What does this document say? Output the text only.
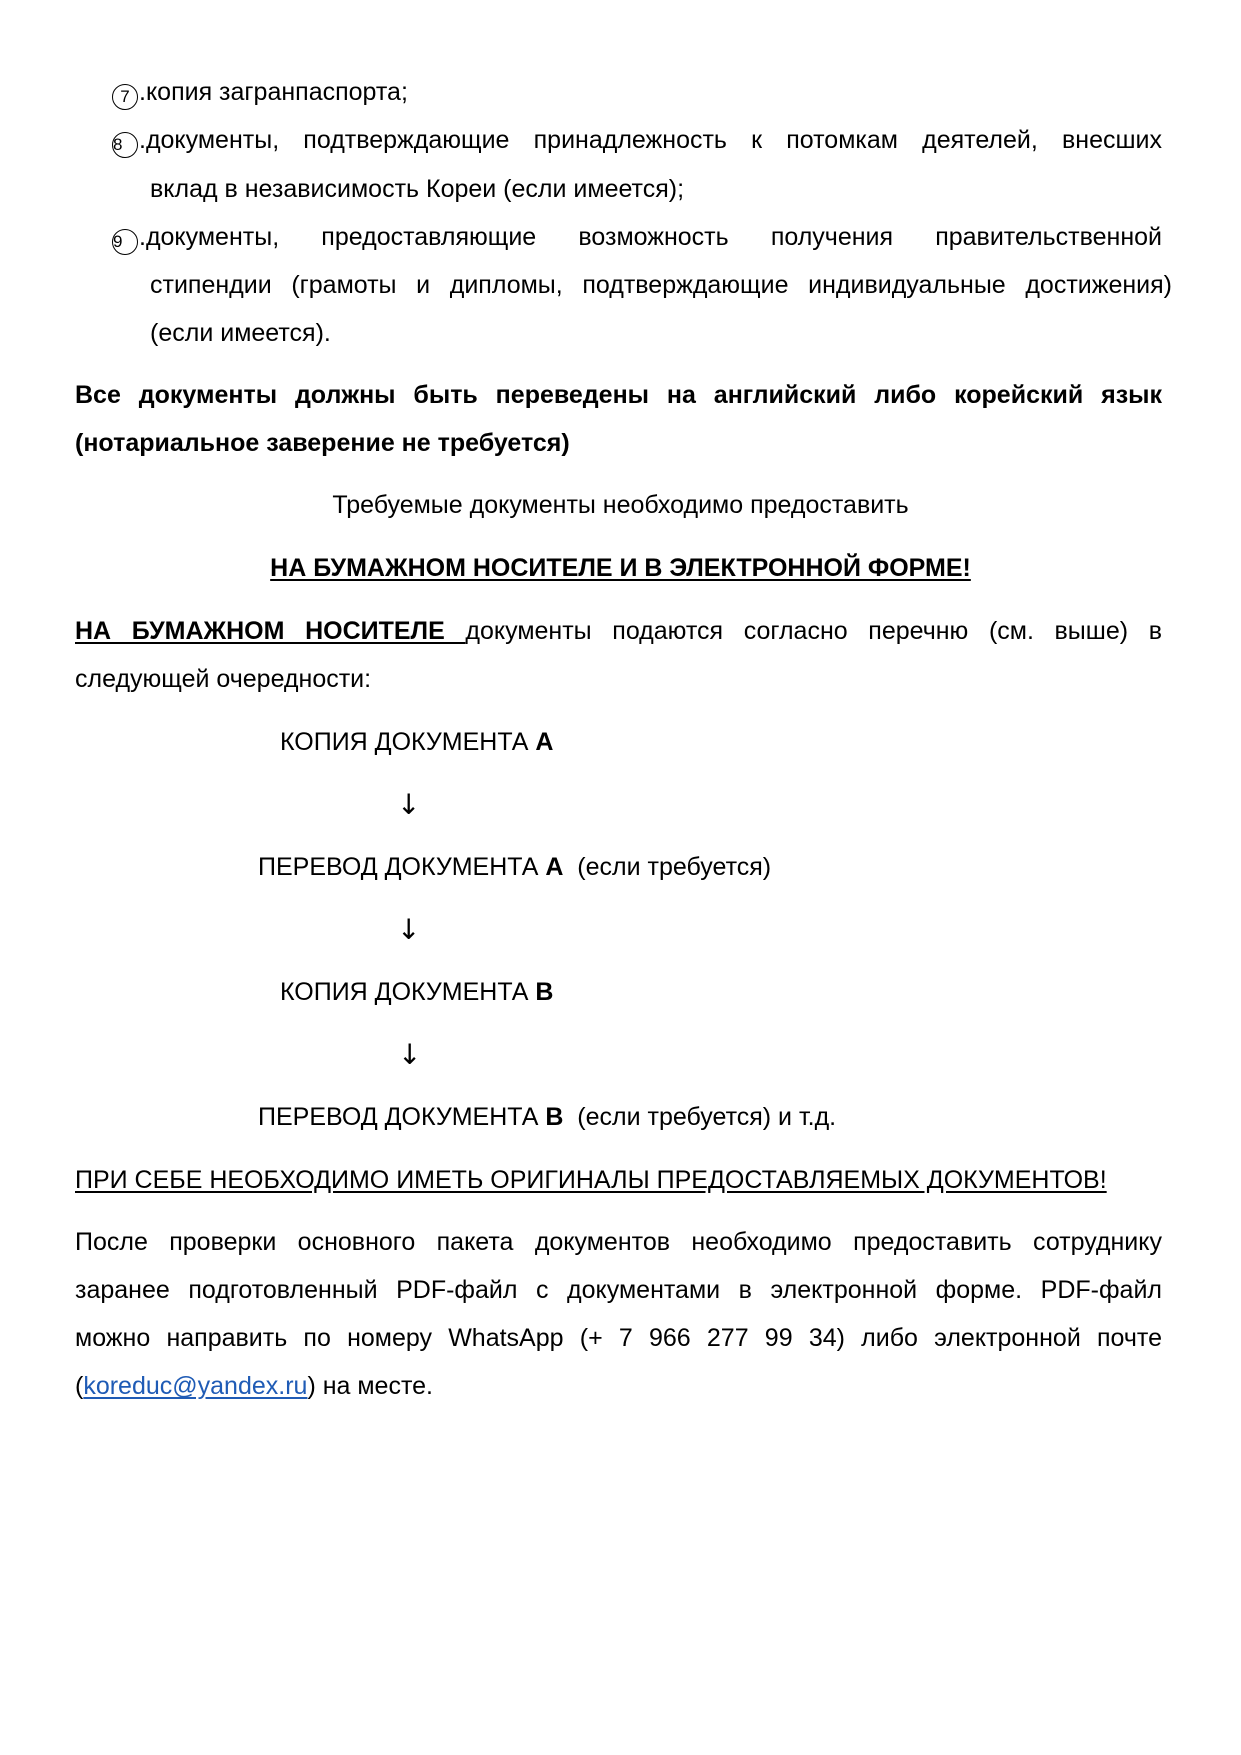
7 .копия загранпаспорта;
8 .документы, подтверждающие принадлежность к потомкам деятелей, внесших
вклад в независимость Кореи (если имеется);
9 .документы, предоставляющие возможность получения правительственной
стипендии (грамоты и дипломы, подтверждающие индивидуальные достижения)
(если имеется).
Все документы должны быть переведены на английский либо корейский язык
(нотариальное заверение не требуется)
Требуемые документы необходимо предоставить
НА БУМАЖНОМ НОСИТЕЛЕ И В ЭЛЕКТРОННОЙ ФОРМЕ!
НА БУМАЖНОМ НОСИТЕЛЕ документы подаются согласно перечню (см. выше) в
следующей очередности:
КОПИЯ ДОКУМЕНТА А
↓
ПЕРЕВОД ДОКУМЕНТА А  (если требуется)
↓
КОПИЯ ДОКУМЕНТА В
↓
ПЕРЕВОД ДОКУМЕНТА В  (если требуется) и т.д.
ПРИ СЕБЕ НЕОБХОДИМО ИМЕТЬ ОРИГИНАЛЫ ПРЕДОСТАВЛЯЕМЫХ ДОКУМЕНТОВ!
После проверки основного пакета документов необходимо предоставить сотруднику
заранее подготовленный PDF-файл с документами в электронной форме. PDF-файл
можно направить по номеру WhatsApp (+ 7 966 277 99 34) либо электронной почте
(koreduc@yandex.ru) на месте.
